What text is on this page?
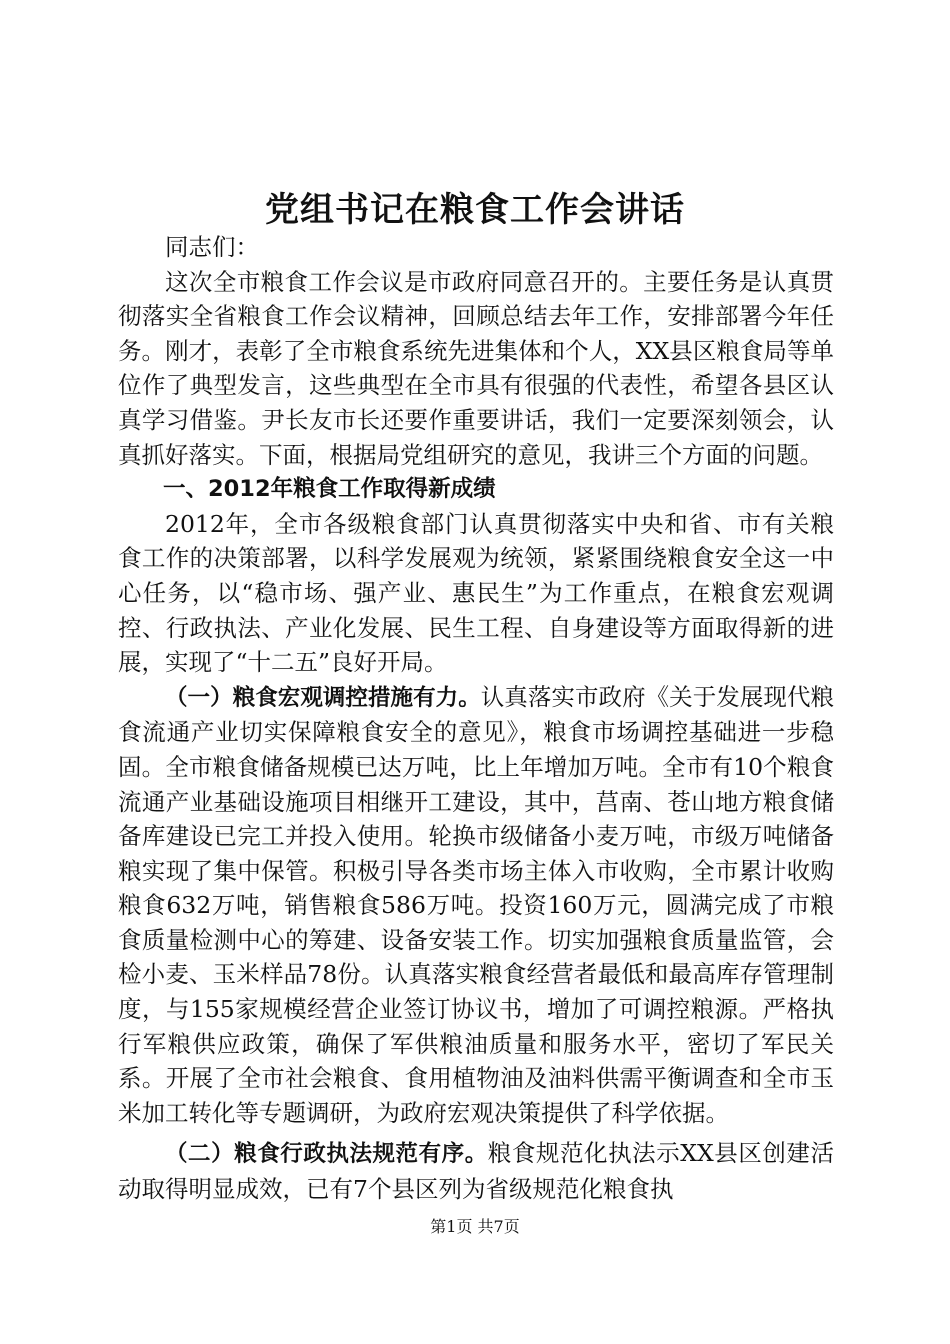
党组书记在粮食工作会讲话

同志们：

这次全市粮食工作会议是市政府同意召开的。主要任务是认真贯彻落实全省粮食工作会议精神，回顾总结去年工作，安排部署今年任务。刚才，表彰了全市粮食系统先进集体和个人，XX县区粮食局等单位作了典型发言，这些典型在全市具有很强的代表性，希望各县区认真学习借鉴。尹长友市长还要作重要讲话，我们一定要深刻领会，认真抓好落实。下面，根据局党组研究的意见，我讲三个方面的问题。

一、2012年粮食工作取得新成绩

2012年，全市各级粮食部门认真贯彻落实中央和省、市有关粮食工作的决策部署，以科学发展观为统领，紧紧围绕粮食安全这一中心任务，以“稳市场、强产业、惠民生”为工作重点，在粮食宏观调控、行政执法、产业化发展、民生工程、自身建设等方面取得新的进展，实现了“十二五”良好开局。

（一）粮食宏观调控措施有力。认真落实市政府《关于发展现代粮食流通产业切实保障粮食安全的意见》，粮食市场调控基础进一步稳固。全市粮食储备规模已达万吨，比上年增加万吨。全市有10个粮食流通产业基础设施项目相继开工建设，其中，莒南、苍山地方粮食储备库建设已完工并投入使用。轮换市级储备小麦万吨，市级万吨储备粮实现了集中保管。积极引导各类市场主体入市收购，全市累计收购粮食632万吨，销售粮食586万吨。投资160万元，圆满完成了市粮食质量检测中心的筹建、设备安装工作。切实加强粮食质量监管，会检小麦、玉米样品78份。认真落实粮食经营者最低和最高库存管理制度，与155家规模经营企业签订协议书，增加了可调控粮源。严格执行军粮供应政策，确保了军供粮油质量和服务水平，密切了军民关系。开展了全市社会粮食、食用植物油及油料供需平衡调查和全市玉米加工转化等专题调研，为政府宏观决策提供了科学依据。

（二）粮食行政执法规范有序。粮食规范化执法示XX县区创建活动取得明显成效，已有7个县区列为省级规范化粮食执

第1页 共7页
